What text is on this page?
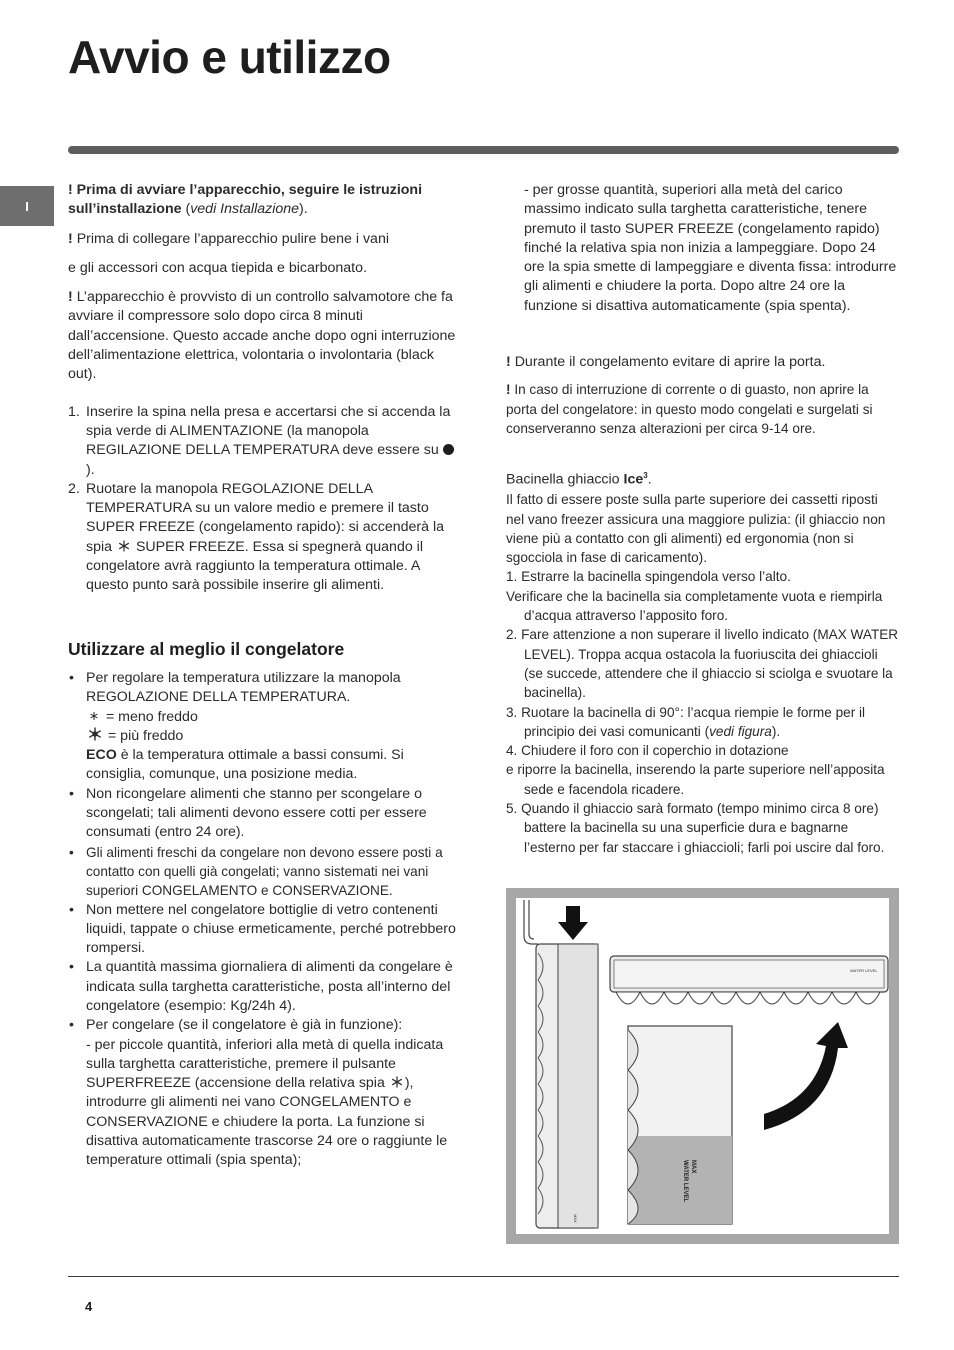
Avvio e utilizzo
I

! Prima di avviare l’apparecchio, seguire le istruzioni sull’installazione (vedi Installazione).

! Prima di collegare l’apparecchio pulire bene i vani

e gli accessori con acqua tiepida e bicarbonato.

! L’apparecchio è provvisto di un controllo salvamotore che fa avviare il compressore solo dopo circa 8 minuti dall’accensione. Questo accade anche dopo ogni interruzione dell’alimentazione elettrica, volontaria o involontaria (black out).

1. Inserire la spina nella presa e accertarsi che si accenda la spia verde di ALIMENTAZIONE (la manopola REGILAZIONE DELLA TEMPERATURA deve essere su ).
2. Ruotare la manopola REGOLAZIONE DELLA TEMPERATURA su un valore medio e premere il tasto SUPER FREEZE (congelamento rapido): si accenderà la spia SUPER FREEZE. Essa si spegnerà quando il congelatore avrà raggiunto la temperatura ottimale. A questo punto sarà possibile inserire gli alimenti.
Utilizzare al meglio il congelatore
• Per regolare la temperatura utilizzare la manopola REGOLAZIONE DELLA TEMPERATURA.
= meno freddo
= più freddo
ECO è la temperatura ottimale a bassi consumi. Si consiglia, comunque, una posizione media.
• Non ricongelare alimenti che stanno per scongelare o scongelati; tali alimenti devono essere cotti per essere consumati (entro 24 ore).
• Gli alimenti freschi da congelare non devono essere posti a contatto con quelli già congelati; vanno sistemati nei vani superiori CONGELAMENTO e CONSERVAZIONE.
• Non mettere nel congelatore bottiglie di vetro contenenti liquidi, tappate o chiuse ermeticamente, perché potrebbero rompersi.
• La quantità massima giornaliera di alimenti da congelare è indicata sulla targhetta caratteristiche, posta all’interno del congelatore (esempio: Kg/24h 4).
• Per congelare (se il congelatore è già in funzione):
- per piccole quantità, inferiori alla metà di quella indicata sulla targhetta caratteristiche, premere il pulsante SUPERFREEZE (accensione della relativa spia ), introdurre gli alimenti nei vano CONGELAMENTO e CONSERVAZIONE e chiudere la porta. La funzione si disattiva automaticamente trascorse 24 ore o raggiunte le temperature ottimali (spia spenta);

- per grosse quantità, superiori alla metà del carico massimo indicato sulla targhetta caratteristiche, tenere premuto il tasto SUPER FREEZE (congelamento rapido) finché la relativa spia non inizia a lampeggiare. Dopo 24 ore la spia smette di lampeggiare e diventa fissa: introdurre gli alimenti e chiudere la porta. Dopo altre 24 ore la funzione si disattiva automaticamente (spia spenta).

! Durante il congelamento evitare di aprire la porta.

! In caso di interruzione di corrente o di guasto, non aprire la porta del congelatore: in questo modo congelati e surgelati si conserveranno senza alterazioni per circa 9-14 ore.

Bacinella ghiaccio Ice$^3$.

Il fatto di essere poste sulla parte superiore dei cassetti riposti nel vano freezer assicura una maggiore pulizia: (il ghiaccio non viene più a contatto con gli alimenti) ed ergonomia (non si sgocciola in fase di caricamento).

1. Estrarre la bacinella spingendola verso l’alto.

Verificare che la bacinella sia completamente vuota e riempirla d’acqua attraverso l’apposito foro.

2. Fare attenzione a non superare il livello indicato (MAX WATER LEVEL). Troppa acqua ostacola la fuoriuscita dei ghiaccioli (se succede, attendere che il ghiaccio si sciolga e svuotare la bacinella).

3. Ruotare la bacinella di 90°: l’acqua riempie le forme per il principio dei vasi comunicanti (vedi figura).

4. Chiudere il foro con il coperchio in dotazione

e riporre la bacinella, inserendo la parte superiore nell’apposita sede e facendola ricadere.

5. Quando il ghiaccio sarà formato (tempo minimo circa 8 ore) battere la bacinella su una superficie dura e bagnarne l’esterno per far staccare i ghiaccioli; farli poi uscire dal foro.

MAX
WATER LEVEL
MAX
WATER LEVEL
4
